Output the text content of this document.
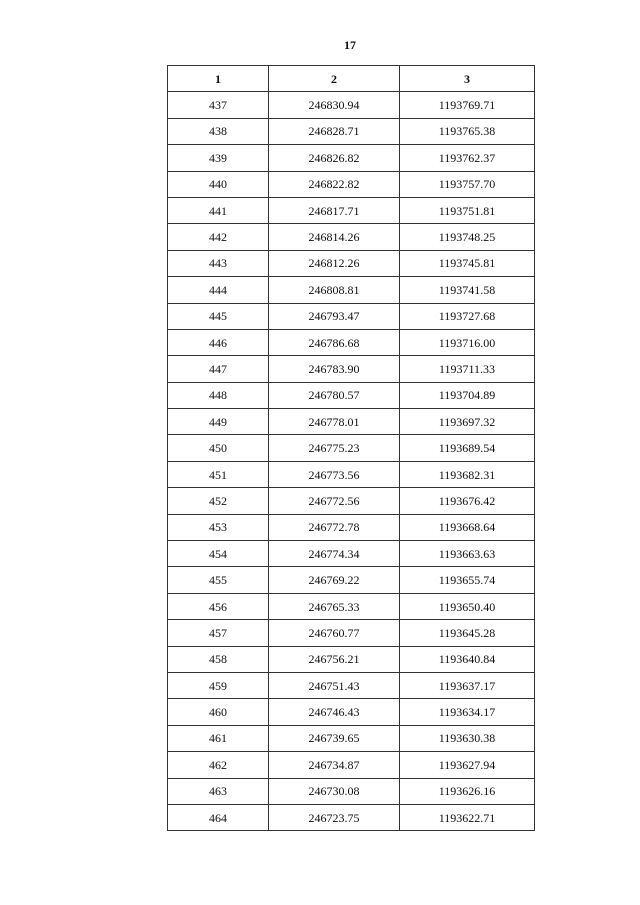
17
1	2	3
437	246830.94	1193769.71
438	246828.71	1193765.38
439	246826.82	1193762.37
440	246822.82	1193757.70
441	246817.71	1193751.81
442	246814.26	1193748.25
443	246812.26	1193745.81
444	246808.81	1193741.58
445	246793.47	1193727.68
446	246786.68	1193716.00
447	246783.90	1193711.33
448	246780.57	1193704.89
449	246778.01	1193697.32
450	246775.23	1193689.54
451	246773.56	1193682.31
452	246772.56	1193676.42
453	246772.78	1193668.64
454	246774.34	1193663.63
455	246769.22	1193655.74
456	246765.33	1193650.40
457	246760.77	1193645.28
458	246756.21	1193640.84
459	246751.43	1193637.17
460	246746.43	1193634.17
461	246739.65	1193630.38
462	246734.87	1193627.94
463	246730.08	1193626.16
464	246723.75	1193622.71
